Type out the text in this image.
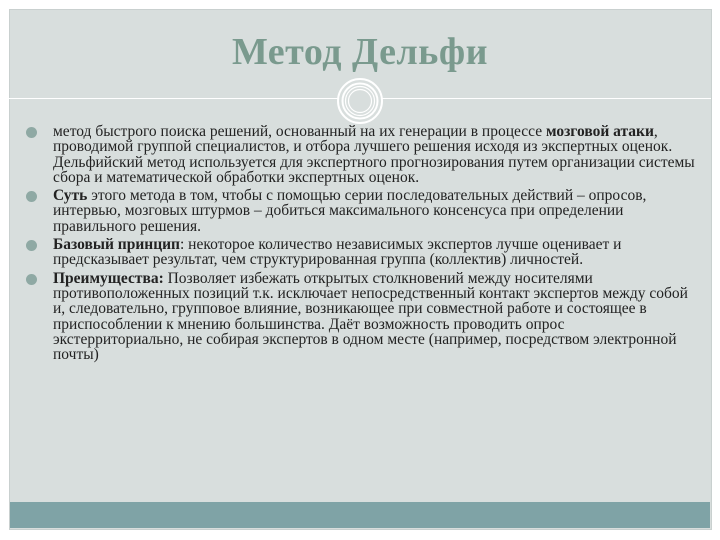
Метод Дельфи
метод быстрого поиска решений, основанный на их генерации в процессе мозговой атаки, проводимой группой специалистов, и отбора лучшего решения исходя из экспертных оценок. Дельфийский метод используется для экспертного прогнозирования путем организации системы сбора и математической обработки экспертных оценок.
Суть этого метода в том, чтобы с помощью серии последовательных действий – опросов, интервью, мозговых штурмов – добиться максимального консенсуса при определении правильного решения.
Базовый принцип: некоторое количество независимых экспертов лучше оценивает и предсказывает результат, чем структурированная группа (коллектив) личностей.
Преимущества: Позволяет избежать открытых столкновений между носителями противоположенных позиций т.к. исключает непосредственный контакт экспертов между собой и, следовательно, групповое влияние, возникающее при совместной работе и состоящее в приспособлении к мнению большинства. Даёт возможность проводить опрос экстерриториально, не собирая экспертов в одном месте (например, посредством электронной почты)
